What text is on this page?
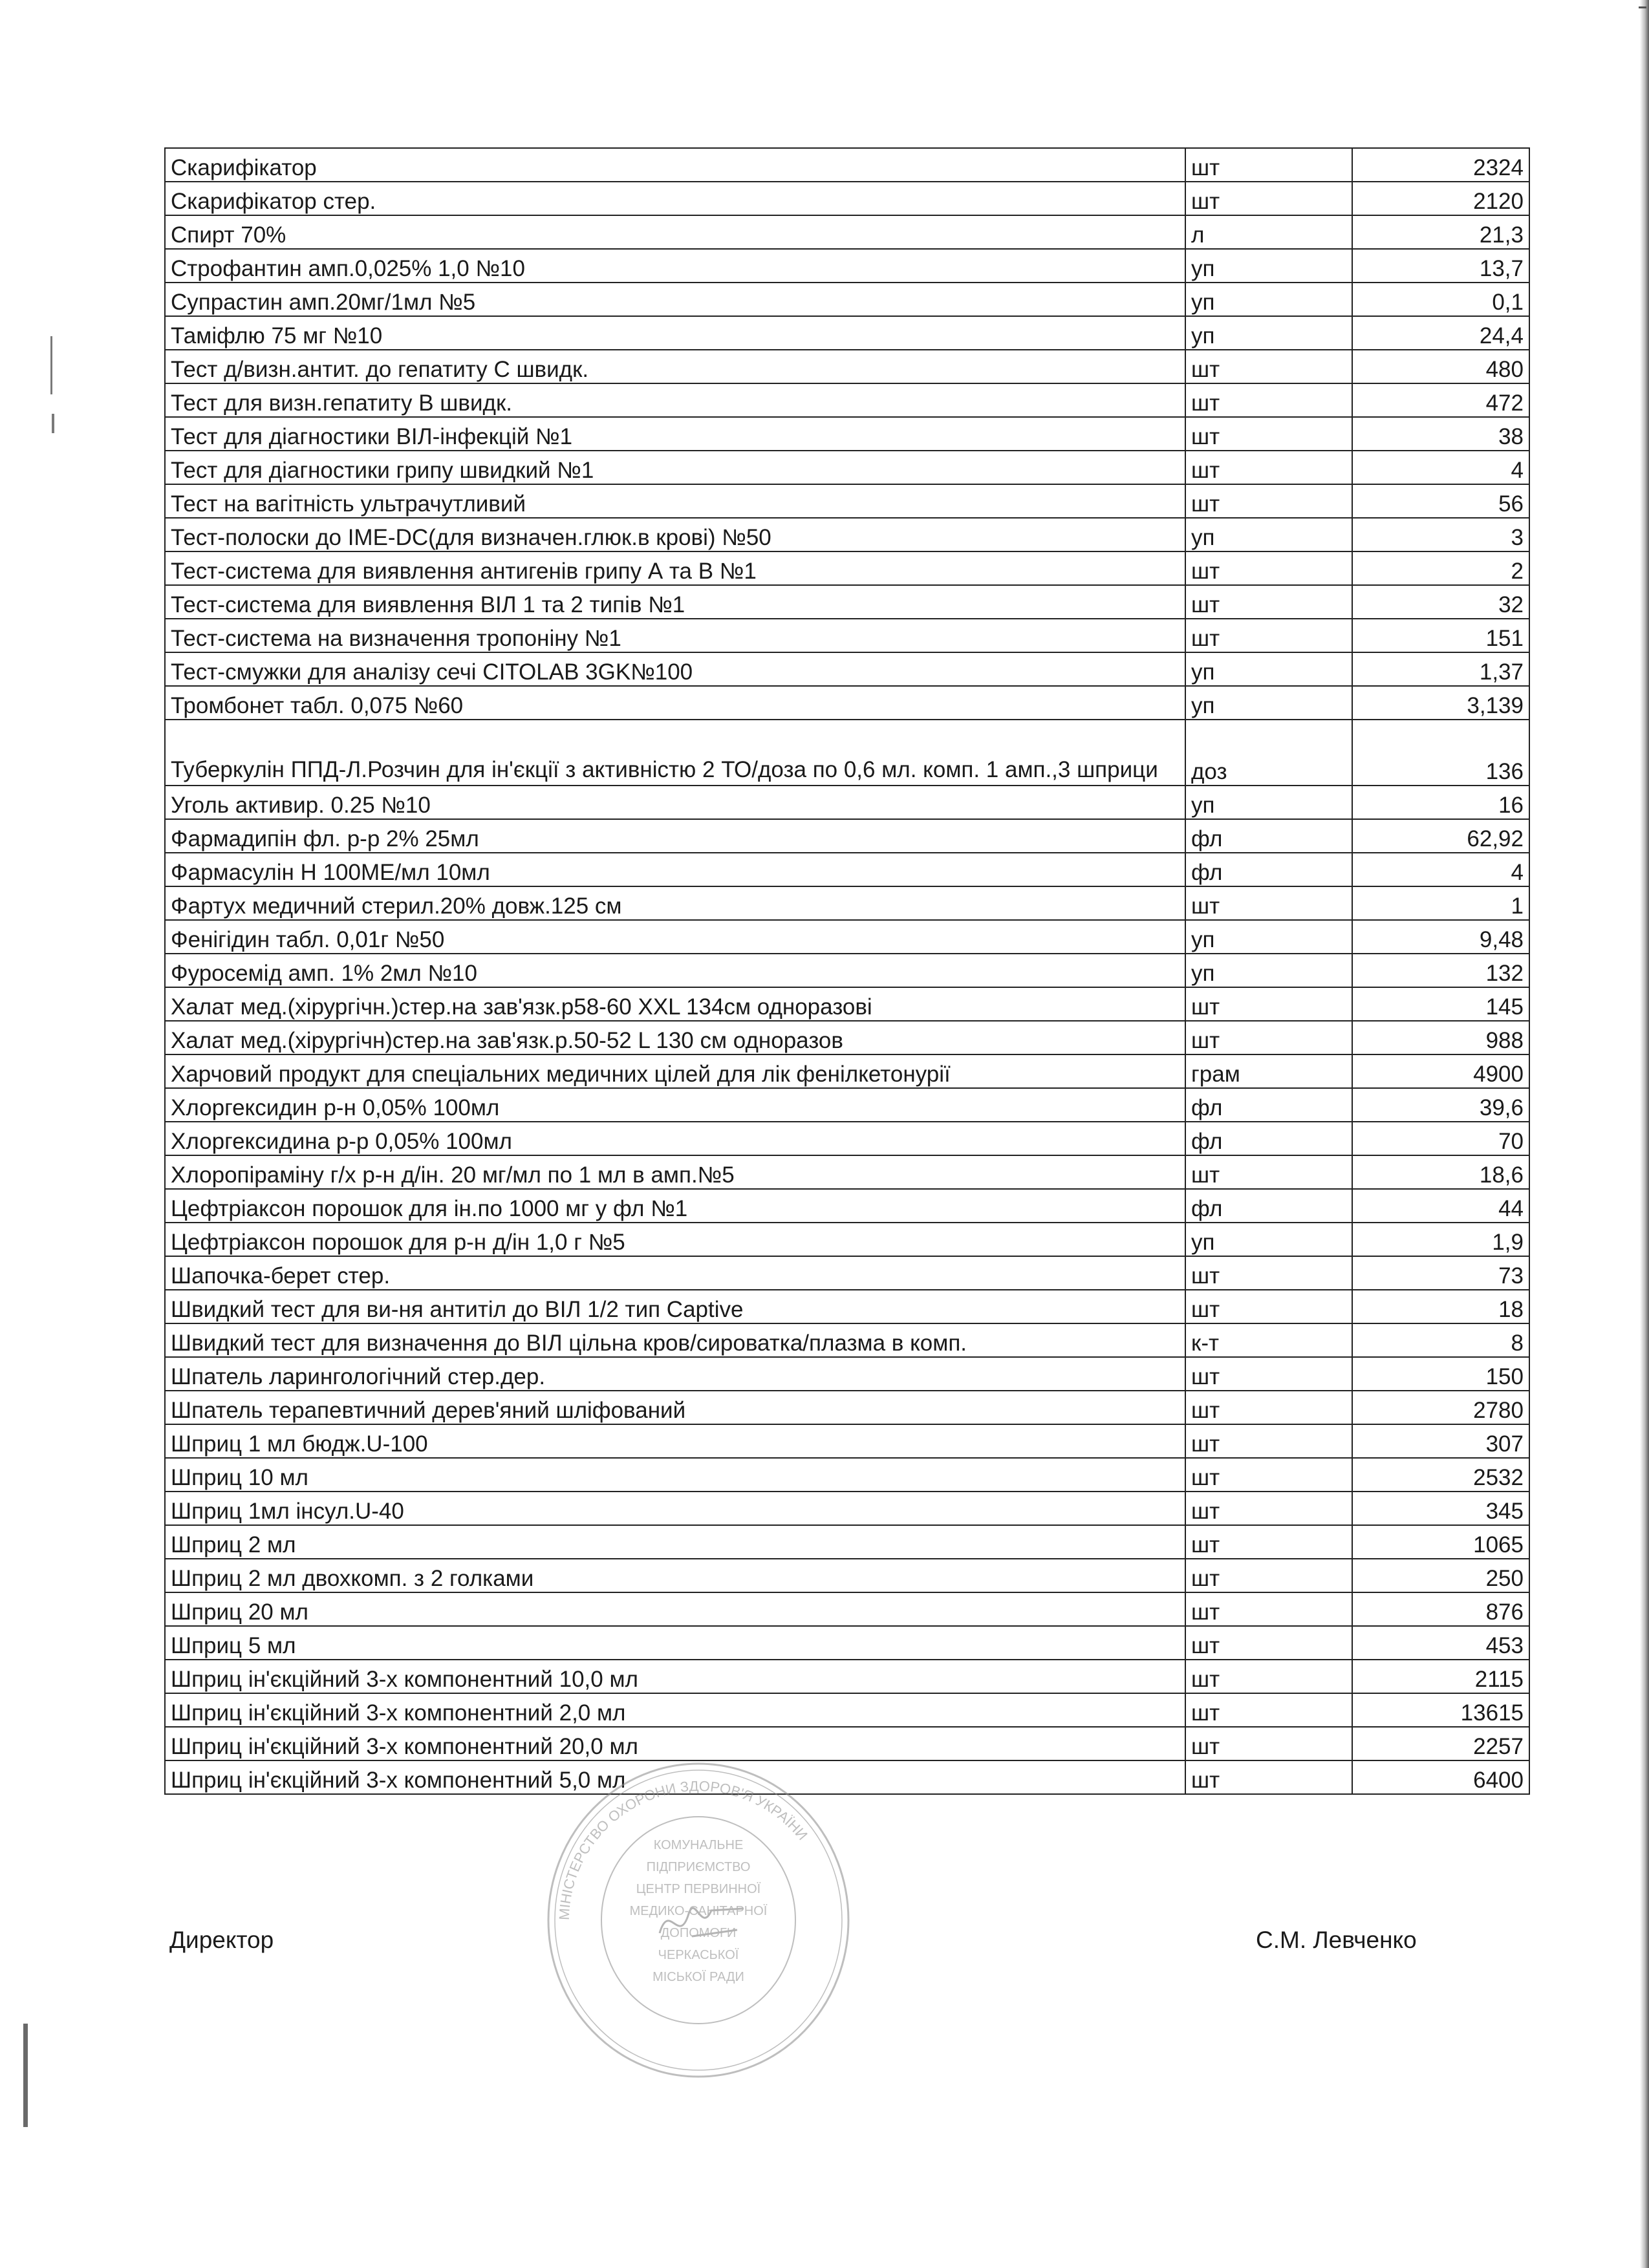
Скарифікатор	шт	2324
Скарифікатор стер.	шт	2120
Спирт 70%	л	21,3
Строфантин амп.0,025% 1,0 №10	уп	13,7
Супрастин амп.20мг/1мл №5	уп	0,1
Таміфлю 75 мг №10	уп	24,4
Тест д/визн.антит. до гепатиту С швидк.	шт	480
Тест для визн.гепатиту В швидк.	шт	472
Тест для діагностики ВІЛ-інфекцій №1	шт	38
Тест для діагностики грипу швидкий №1	шт	4
Тест на вагітність ультрачутливий	шт	56
Тест-полоски до IME-DC(для визначен.глюк.в крові) №50	уп	3
Тест-система для виявлення антигенів грипу А та В №1	шт	2
Тест-система для виявлення ВІЛ 1 та 2 типів №1	шт	32
Тест-система на визначення тропоніну №1	шт	151
Тест-смужки для аналізу сечі CITOLAB 3GK№100	уп	1,37
Тромбонет табл. 0,075 №60	уп	3,139
Туберкулін ППД-Л.Розчин для ін'єкції з активністю 2 ТО/доза по 0,6 мл. комп. 1 амп.,3 шприци	доз	136
Уголь активир. 0.25 №10	уп	16
Фармадипін фл. р-р 2% 25мл	фл	62,92
Фармасулін Н 100МЕ/мл 10мл	фл	4
Фартух медичний стерил.20% довж.125 см	шт	1
Фенігідин табл. 0,01г №50	уп	9,48
Фуросемід амп. 1% 2мл №10	уп	132
Халат мед.(хірургічн.)стер.на зав'язк.р58-60 XXL 134см одноразові	шт	145
Халат мед.(хірургічн)стер.на зав'язк.р.50-52 L 130 см одноразов	шт	988
Харчовий продукт для спеціальних медичних цілей для лік фенілкетонурії	грам	4900
Хлоргексидин р-н 0,05% 100мл	фл	39,6
Хлоргексидина р-р 0,05% 100мл	фл	70
Хлоропіраміну г/х р-н д/ін. 20 мг/мл по 1 мл в амп.№5	шт	18,6
Цефтріаксон порошок для ін.по 1000 мг у фл №1	фл	44
Цефтріаксон порошок для р-н д/ін 1,0 г №5	уп	1,9
Шапочка-берет стер.	шт	73
Швидкий тест для ви-ня антитіл до ВІЛ 1/2 тип Captive	шт	18
Швидкий тест для визначення до ВІЛ цільна кров/сироватка/плазма в комп.	к-т	8
Шпатель ларингологічний стер.дер.	шт	150
Шпатель терапевтичний дерев'яний шліфований	шт	2780
Шприц 1 мл бюдж.U-100	шт	307
Шприц 10 мл	шт	2532
Шприц 1мл інсул.U-40	шт	345
Шприц 2 мл	шт	1065
Шприц 2 мл двохкомп. з 2 голками	шт	250
Шприц 20 мл	шт	876
Шприц 5 мл	шт	453
Шприц ін'єкційний 3-х компонентний 10,0 мл	шт	2115
Шприц ін'єкційний 3-х компонентний 2,0 мл	шт	13615
Шприц ін'єкційний 3-х компонентний 20,0 мл	шт	2257
Шприц ін'єкційний 3-х компонентний 5,0 мл	шт	6400
Директор	С.М. Левченко
МІНІСТЕРСТВО ОХОРОНИ ЗДОРОВ'Я УКРАЇНИ
КОМУНАЛЬНЕ
ПІДПРИЄМСТВО
ЦЕНТР ПЕРВИННОЇ
МЕДИКО-САНІТАРНОЇ
ДОПОМОГИ
ЧЕРКАСЬКОЇ
МІСЬКОЇ РАДИ
